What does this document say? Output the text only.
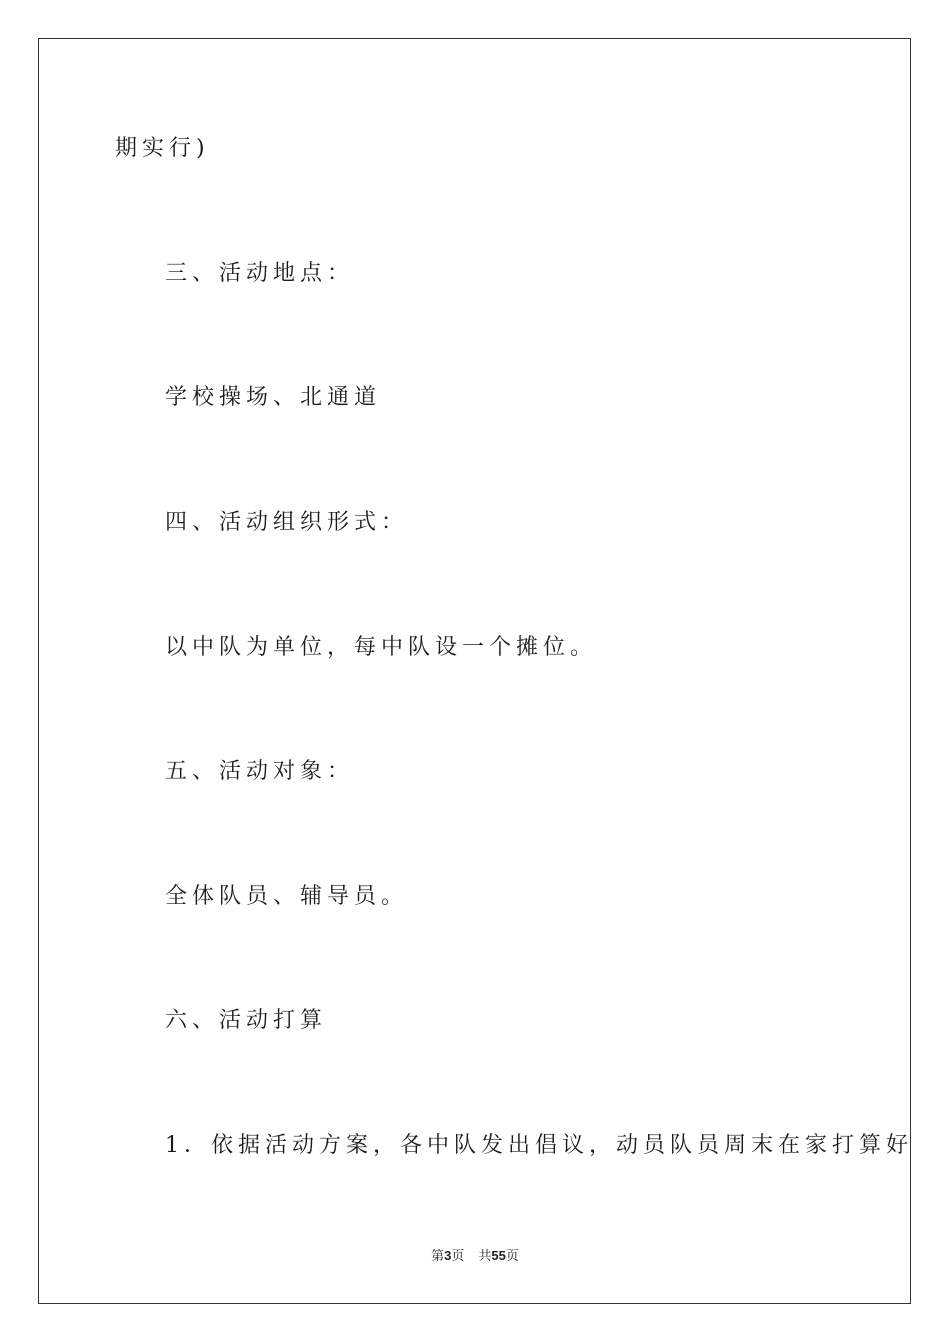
期实行)
三、活动地点：
学校操场、北通道
四、活动组织形式：
以中队为单位，每中队设一个摊位。
五、活动对象：
全体队员、辅导员。
六、活动打算
1．依据活动方案，各中队发出倡议，动员队员周末在家打算好
第3页 共55页
